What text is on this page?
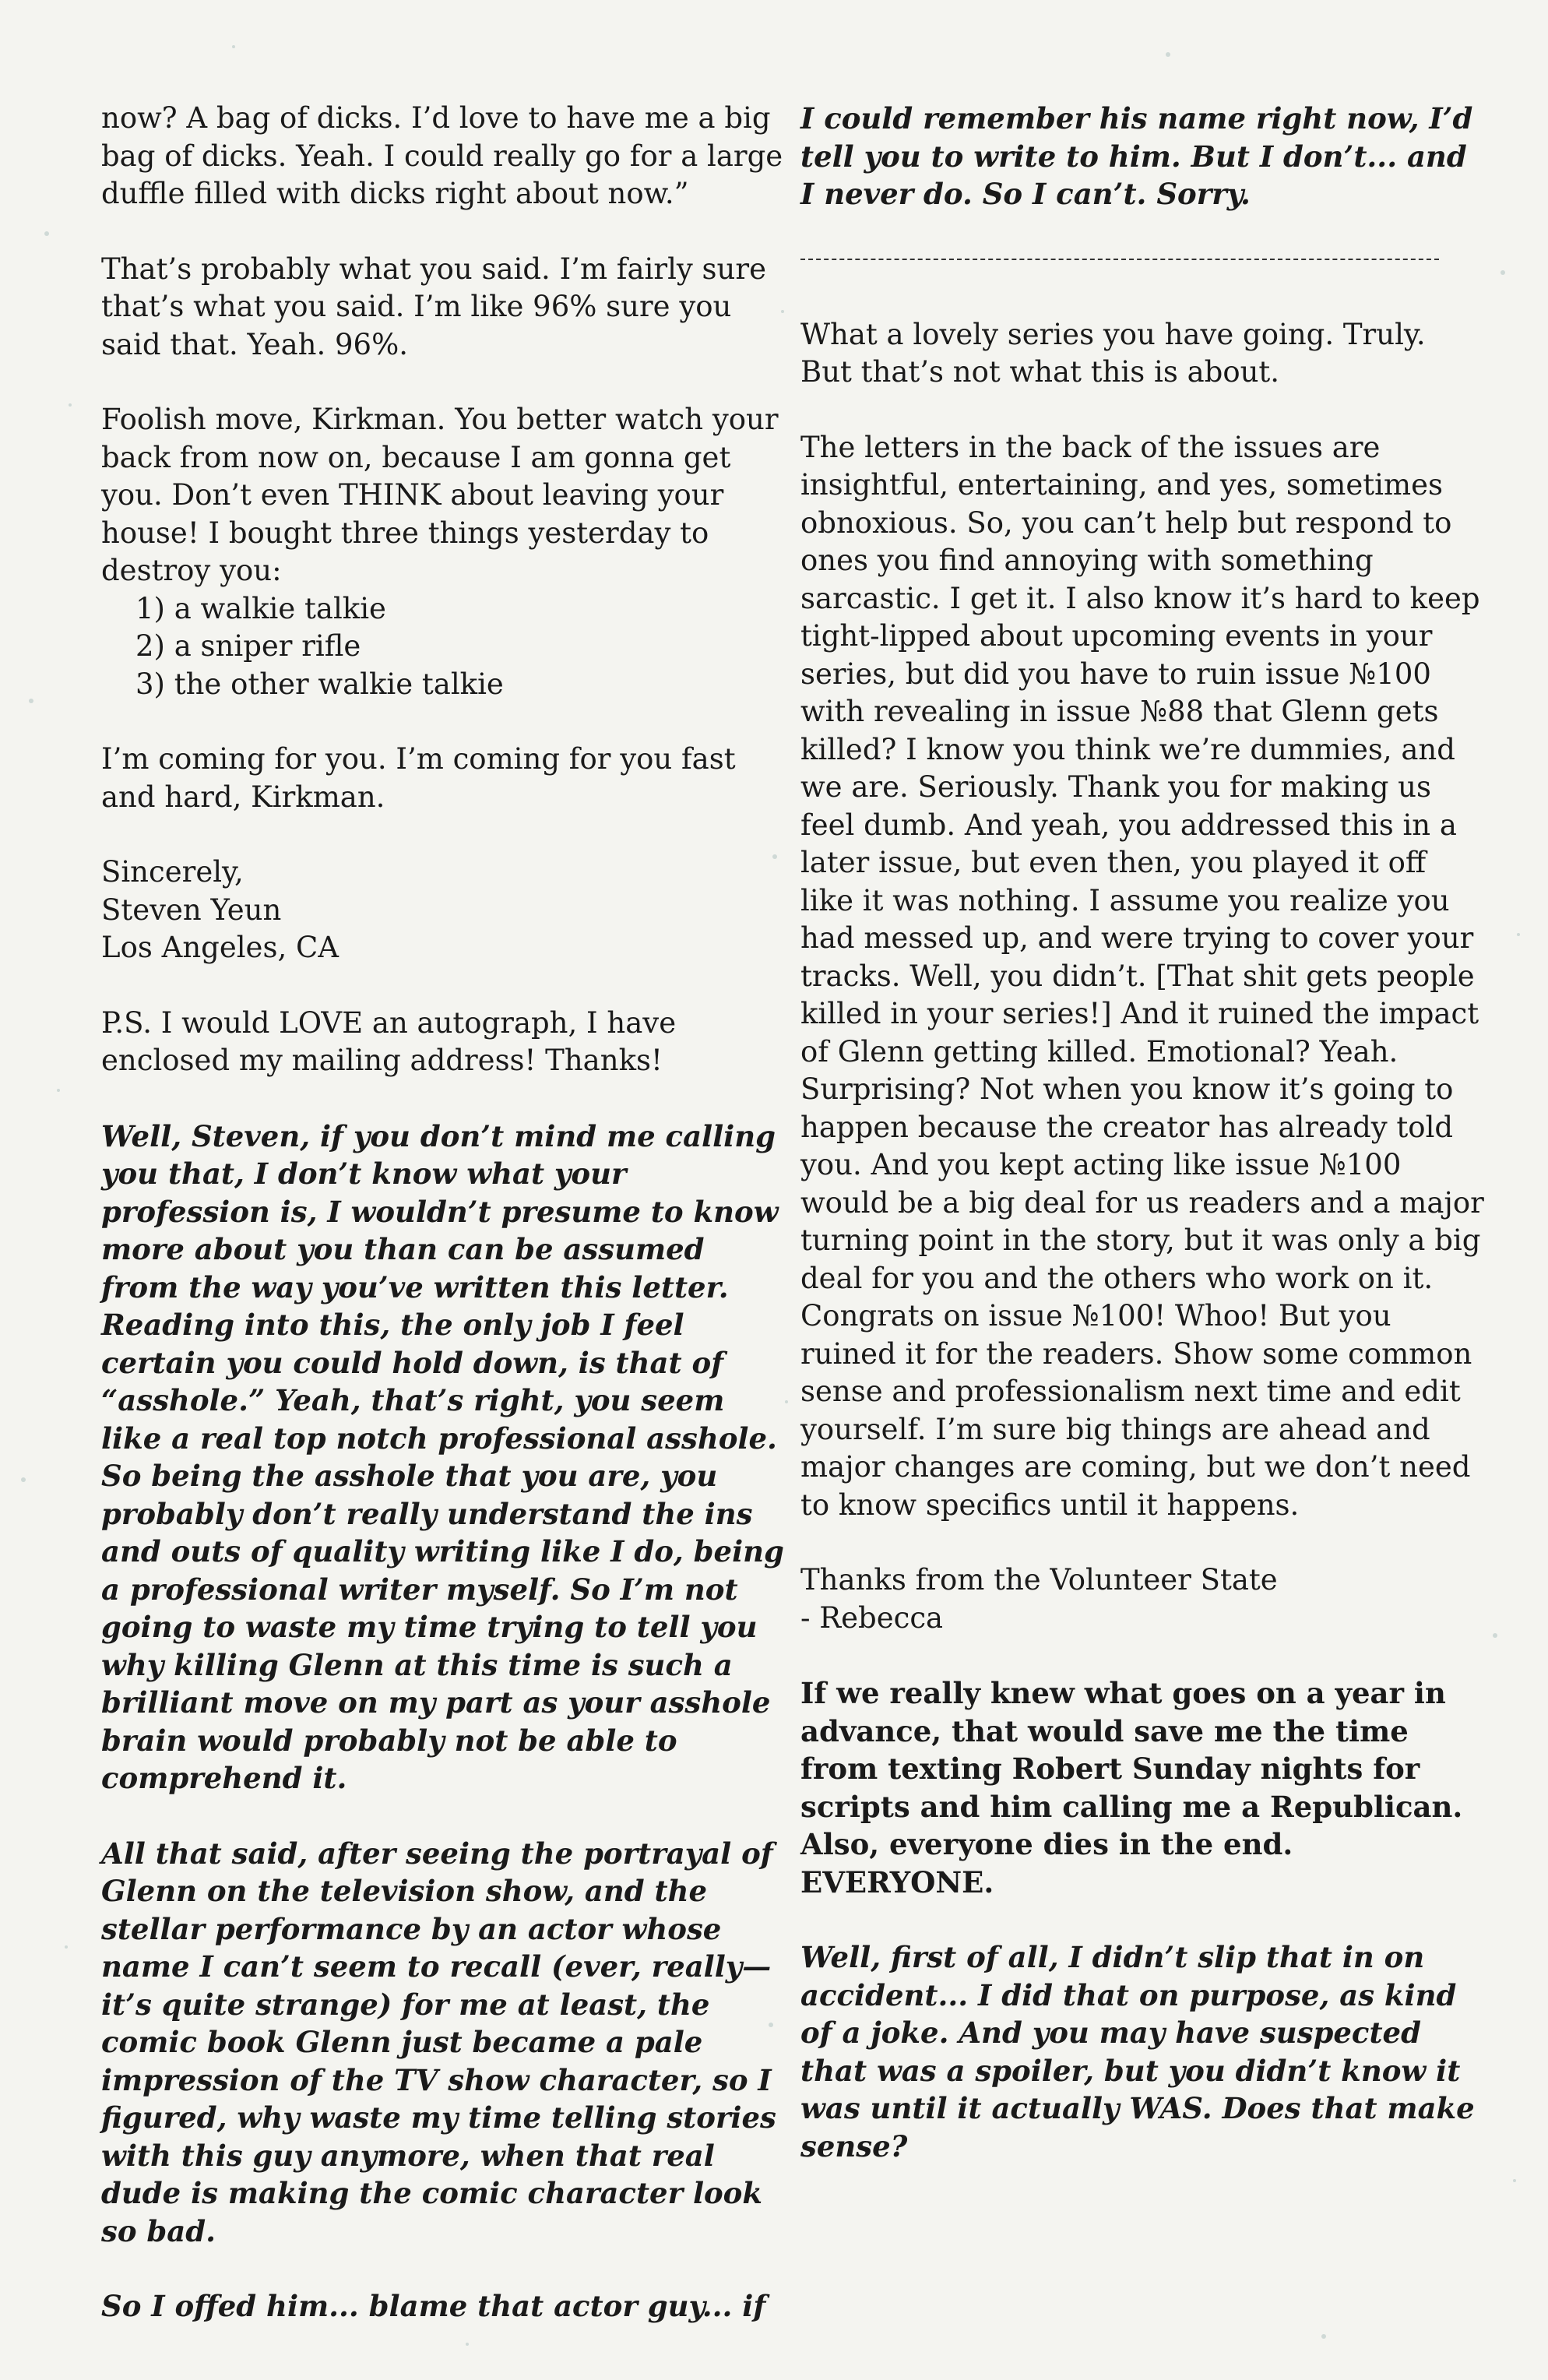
now? A bag of dicks. I’d love to have me a big bag of dicks. Yeah. I could really go for a large duffle filled with dicks right about now.”

That’s probably what you said. I’m fairly sure that’s what you said. I’m like 96% sure you said that. Yeah. 96%.

Foolish move, Kirkman. You better watch your back from now on, because I am gonna get you. Don’t even THINK about leaving your house! I bought three things yesterday to destroy you:

1) a walkie talkie
2) a sniper rifle
3) the other walkie talkie

I’m coming for you. I’m coming for you fast and hard, Kirkman.

Sincerely,
Steven Yeun
Los Angeles, CA

P.S. I would LOVE an autograph, I have enclosed my mailing address! Thanks!

Well, Steven, if you don’t mind me calling you that, I don’t know what your profession is, I wouldn’t presume to know more about you than can be assumed from the way you’ve written this letter. Reading into this, the only job I feel certain you could hold down, is that of “asshole.” Yeah, that’s right, you seem like a real top notch professional asshole. So being the asshole that you are, you probably don’t really understand the ins and outs of quality writing like I do, being a professional writer myself. So I’m not going to waste my time trying to tell you why killing Glenn at this time is such a brilliant move on my part as your asshole brain would probably not be able to comprehend it.

All that said, after seeing the portrayal of Glenn on the television show, and the stellar performance by an actor whose name I can’t seem to recall (ever, really—it’s quite strange) for me at least, the comic book Glenn just became a pale impression of the TV show character, so I figured, why waste my time telling stories with this guy anymore, when that real dude is making the comic character look so bad.

So I offed him... blame that actor guy... if

I could remember his name right now, I’d tell you to write to him. But I don’t... and I never do. So I can’t. Sorry.

What a lovely series you have going. Truly. But that’s not what this is about.

The letters in the back of the issues are insightful, entertaining, and yes, sometimes obnoxious. So, you can’t help but respond to ones you find annoying with something sarcastic. I get it. I also know it’s hard to keep tight-lipped about upcoming events in your series, but did you have to ruin issue №100 with revealing in issue №88 that Glenn gets killed? I know you think we’re dummies, and we are. Seriously. Thank you for making us feel dumb. And yeah, you addressed this in a later issue, but even then, you played it off like it was nothing. I assume you realize you had messed up, and were trying to cover your tracks. Well, you didn’t. [That shit gets people killed in your series!] And it ruined the impact of Glenn getting killed. Emotional? Yeah. Surprising? Not when you know it’s going to happen because the creator has already told you. And you kept acting like issue №100 would be a big deal for us readers and a major turning point in the story, but it was only a big deal for you and the others who work on it. Congrats on issue №100! Whoo! But you ruined it for the readers. Show some common sense and professionalism next time and edit yourself. I’m sure big things are ahead and major changes are coming, but we don’t need to know specifics until it happens.

Thanks from the Volunteer State
- Rebecca

If we really knew what goes on a year in advance, that would save me the time from texting Robert Sunday nights for scripts and him calling me a Republican. Also, everyone dies in the end. EVERYONE.

Well, first of all, I didn’t slip that in on accident... I did that on purpose, as kind of a joke. And you may have suspected that was a spoiler, but you didn’t know it was until it actually WAS. Does that make sense?
